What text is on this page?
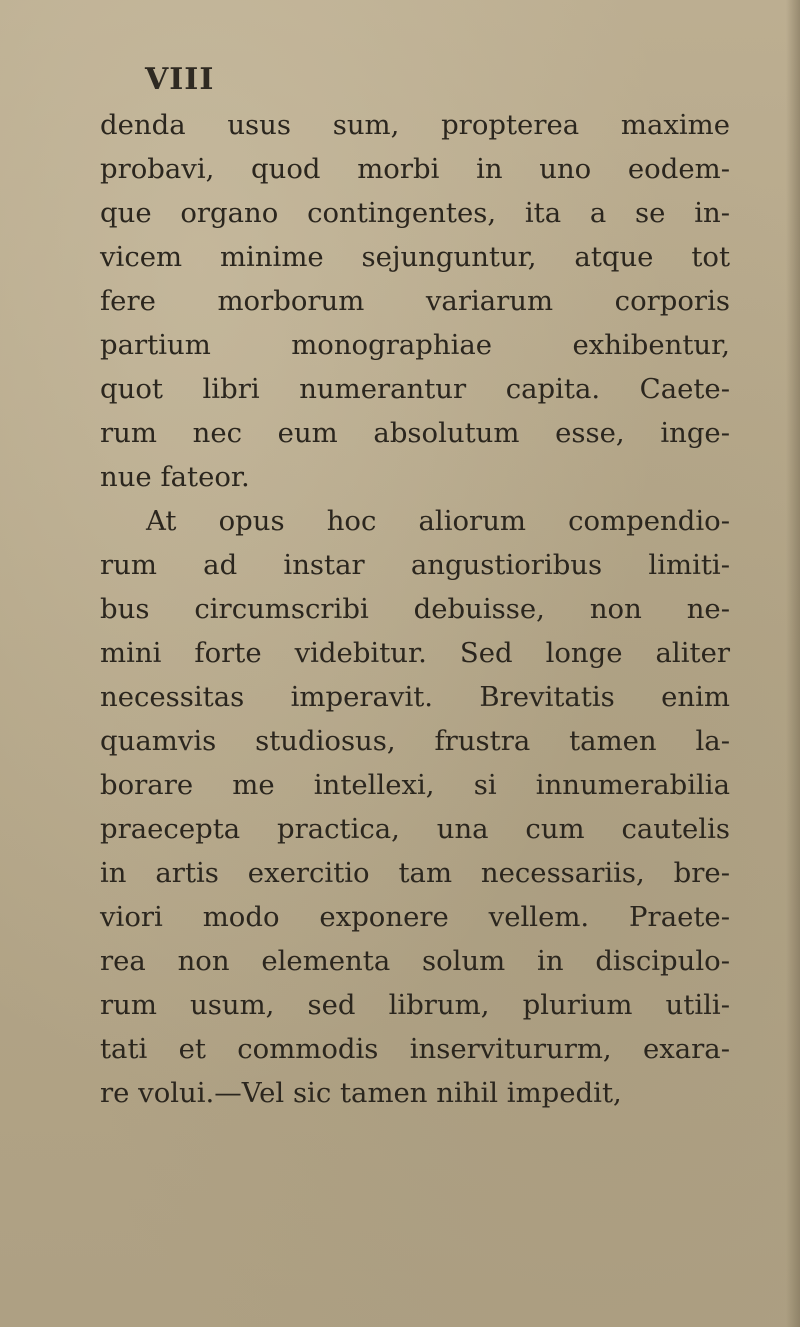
VIII
denda usus sum, propterea maxime
probavi, quod morbi in uno eodem-
que organo contingentes, ita a se in-
vicem minime sejunguntur, atque tot
fere morborum variarum corporis
partium monographiae exhibentur,
quot libri numerantur capita. Caete-
rum nec eum absolutum esse, inge-
nue fateor.
At opus hoc aliorum compendio-
rum ad instar angustioribus limiti-
bus circumscribi debuisse, non ne-
mini forte videbitur. Sed longe aliter
necessitas imperavit. Brevitatis enim
quamvis studiosus, frustra tamen la-
borare me intellexi, si innumerabilia
praecepta practica, una cum cautelis
in artis exercitio tam necessariis, bre-
viori modo exponere vellem. Praete-
rea non elementa solum in discipulo-
rum usum, sed librum, plurium utili-
tati et commodis inservitururm, exara-
re volui.—Vel sic tamen nihil impedit,
